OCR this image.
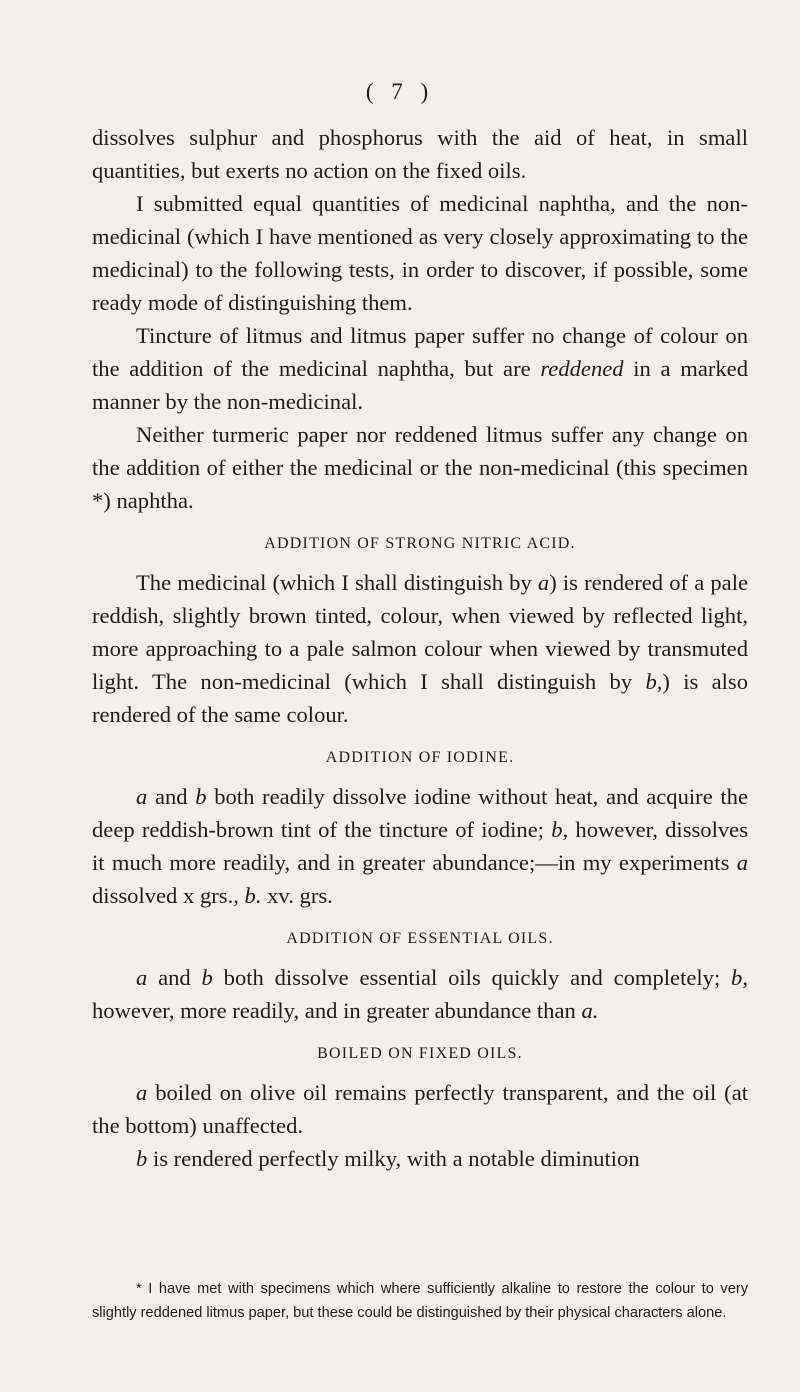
( 7 )

dissolves sulphur and phosphorus with the aid of heat, in small quantities, but exerts no action on the fixed oils.

I submitted equal quantities of medicinal naphtha, and the non-medicinal (which I have mentioned as very closely approximating to the medicinal) to the following tests, in order to discover, if possible, some ready mode of distinguishing them.

Tincture of litmus and litmus paper suffer no change of colour on the addition of the medicinal naphtha, but are reddened in a marked manner by the non-medicinal.

Neither turmeric paper nor reddened litmus suffer any change on the addition of either the medicinal or the non-medicinal (this specimen *) naphtha.

ADDITION OF STRONG NITRIC ACID.

The medicinal (which I shall distinguish by a) is rendered of a pale reddish, slightly brown tinted, colour, when viewed by reflected light, more approaching to a pale salmon colour when viewed by transmuted light. The non-medicinal (which I shall distinguish by b,) is also rendered of the same colour.

ADDITION OF IODINE.

a and b both readily dissolve iodine without heat, and acquire the deep reddish-brown tint of the tincture of iodine; b, however, dissolves it much more readily, and in greater abundance;—in my experiments a dissolved x grs., b. xv. grs.

ADDITION OF ESSENTIAL OILS.

a and b both dissolve essential oils quickly and completely; b, however, more readily, and in greater abundance than a.

BOILED ON FIXED OILS.

a boiled on olive oil remains perfectly transparent, and the oil (at the bottom) unaffected.

b is rendered perfectly milky, with a notable diminution

* I have met with specimens which where sufficiently alkaline to restore the colour to very slightly reddened litmus paper, but these could be distinguished by their physical characters alone.
